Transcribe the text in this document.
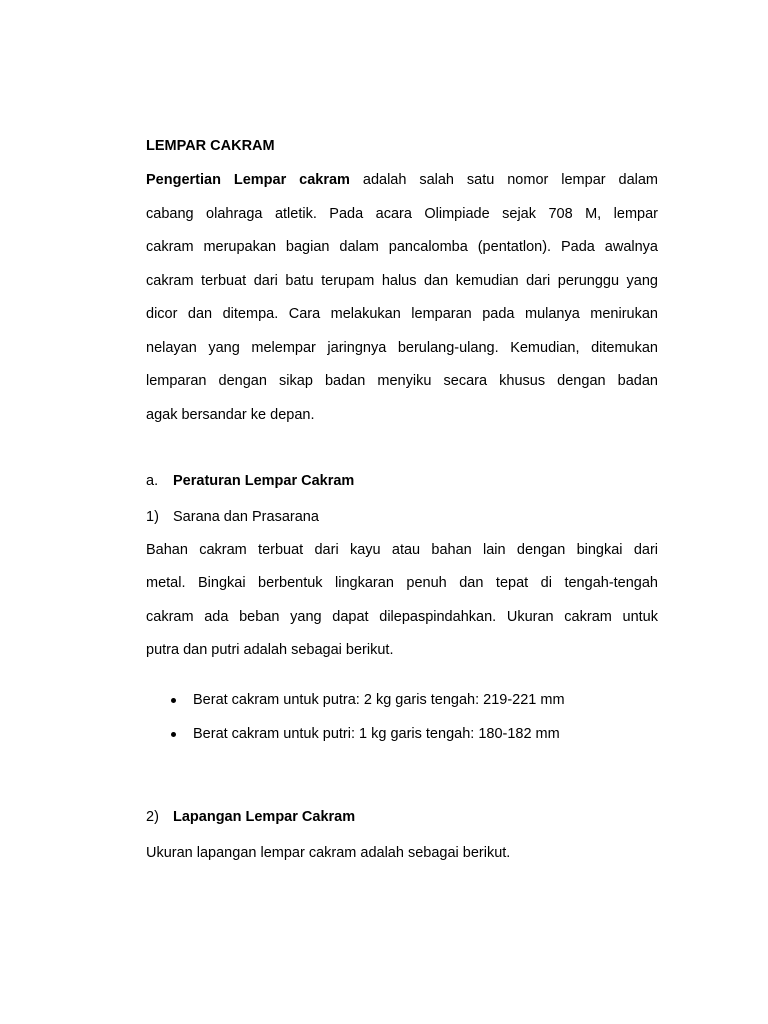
LEMPAR CAKRAM
Pengertian Lempar cakram adalah salah satu nomor lempar dalam
cabang olahraga atletik. Pada acara Olimpiade sejak 708 M, lempar
cakram merupakan bagian dalam pancalomba (pentatlon). Pada awalnya
cakram terbuat dari batu terupam halus dan kemudian dari perunggu yang
dicor dan ditempa. Cara melakukan lemparan pada mulanya menirukan
nelayan yang melempar jaringnya berulang-ulang. Kemudian, ditemukan
lemparan dengan sikap badan menyiku secara khusus dengan badan
agak bersandar ke depan.
a. Peraturan Lempar Cakram
1) Sarana dan Prasarana
Bahan cakram terbuat dari kayu atau bahan lain dengan bingkai dari
metal. Bingkai berbentuk lingkaran penuh dan tepat di tengah-tengah
cakram ada beban yang dapat dilepaspindahkan. Ukuran cakram untuk
putra dan putri adalah sebagai berikut.
Berat cakram untuk putra: 2 kg garis tengah: 219-221 mm
Berat cakram untuk putri: 1 kg garis tengah: 180-182 mm
2) Lapangan Lempar Cakram
Ukuran lapangan lempar cakram adalah sebagai berikut.
